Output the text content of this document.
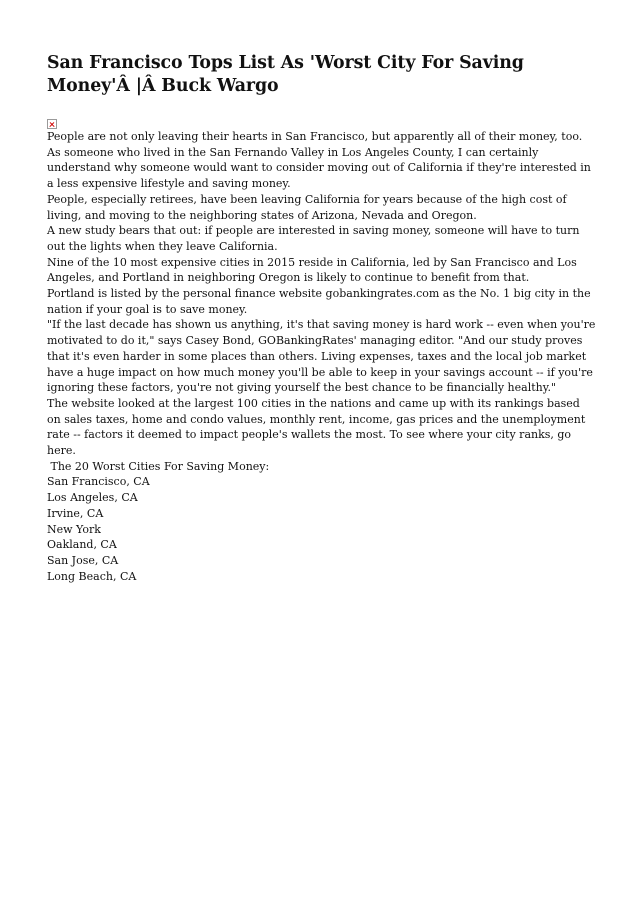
San Francisco Tops List As 'Worst City For Saving Money'Â |Â Buck Wargo

People are not only leaving their hearts in San Francisco, but apparently all of their money, too.

As someone who lived in the San Fernando Valley in Los Angeles County, I can certainly understand why someone would want to consider moving out of California if they're interested in a less expensive lifestyle and saving money.

People, especially retirees, have been leaving California for years because of the high cost of living, and moving to the neighboring states of Arizona, Nevada and Oregon.

A new study bears that out: if people are interested in saving money, someone will have to turn out the lights when they leave California.

Nine of the 10 most expensive cities in 2015 reside in California, led by San Francisco and Los Angeles, and Portland in neighboring Oregon is likely to continue to benefit from that.

Portland is listed by the personal finance website gobankingrates.com as the No. 1 big city in the nation if your goal is to save money.

"If the last decade has shown us anything, it's that saving money is hard work -- even when you're motivated to do it," says Casey Bond, GOBankingRates' managing editor. "And our study proves that it's even harder in some places than others. Living expenses, taxes and the local job market have a huge impact on how much money you'll be able to keep in your savings account -- if you're ignoring these factors, you're not giving yourself the best chance to be financially healthy."

The website looked at the largest 100 cities in the nations and came up with its rankings based on sales taxes, home and condo values, monthly rent, income, gas prices and the unemployment rate -- factors it deemed to impact people's wallets the most. To see where your city ranks, go here.

The 20 Worst Cities For Saving Money:

San Francisco, CA 

Los Angeles, CA 

Irvine, CA 

New York 

Oakland, CA 

San Jose, CA 

Long Beach, CA 
